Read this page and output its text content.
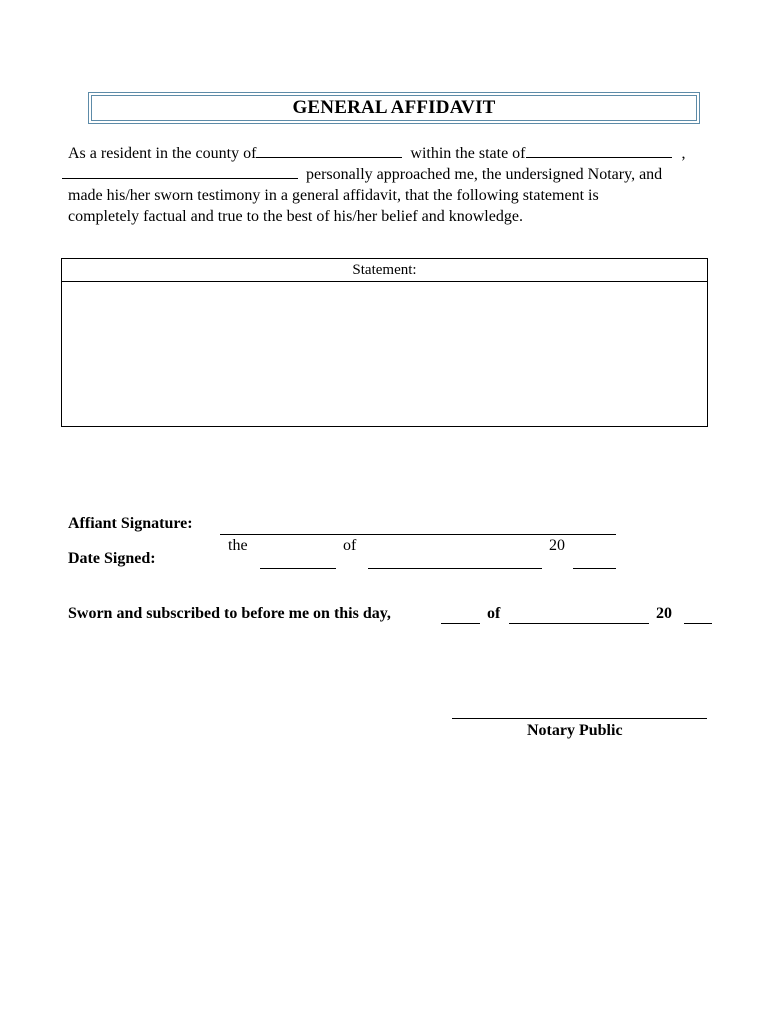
GENERAL AFFIDAVIT
As a resident in the county of	within the state of	,
personally approached me, the undersigned Notary, and
made his/her sworn testimony in a general affidavit, that the following statement is
completely factual and true to the best of his/her belief and knowledge.
Statement:
Affiant Signature:
the	of	20
Date Signed:
Sworn and subscribed to before me on this day,	of	20
Notary Public
